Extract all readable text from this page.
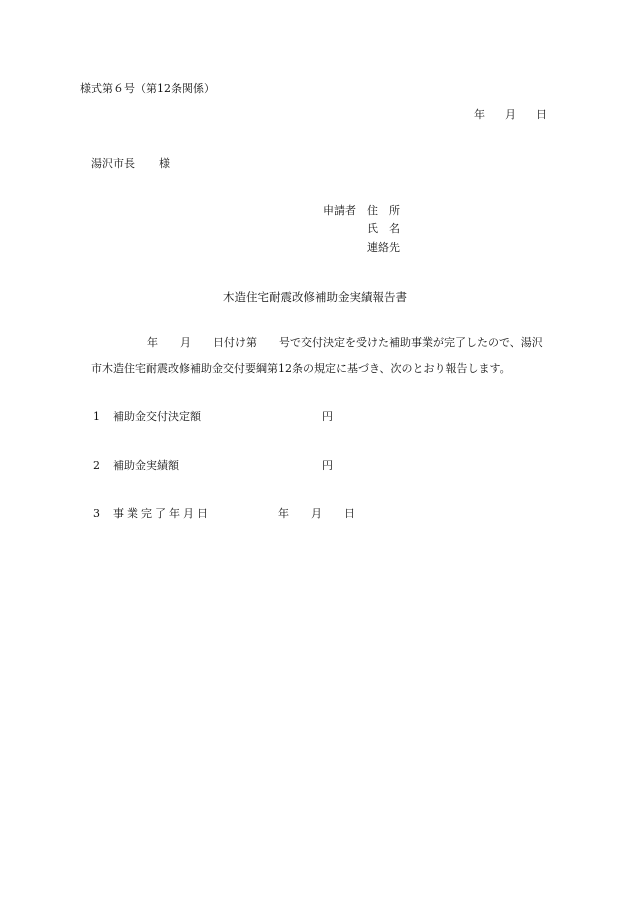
様式第６号（第12条関係）
年 月 日
湯沢市長 様
申請者 住　所
氏　名
連絡先
木造住宅耐震改修補助金実績報告書
年 月 日付け第 号で交付決定を受けた補助事業が完了したので、湯沢
市木造住宅耐震改修補助金交付要綱第12条の規定に基づき、次のとおり報告します。
1 補助金交付決定額	円
2 補助金実績額	円
3 事業完了年月日	年 月 日
